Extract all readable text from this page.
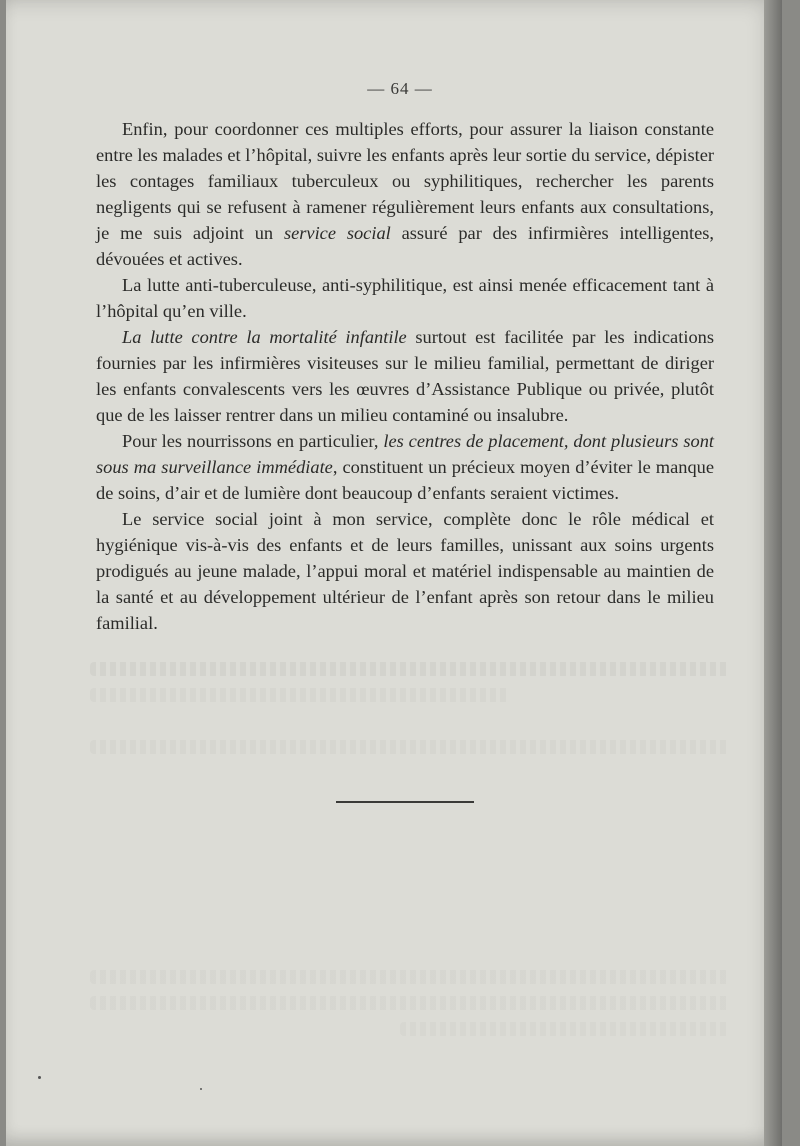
— 64 —

Enfin, pour coordonner ces multiples efforts, pour assurer la liaison constante entre les malades et l’hôpital, suivre les enfants après leur sortie du service, dépister les contages familiaux tuberculeux ou syphilitiques, rechercher les parents negligents qui se refusent à ramener régulièrement leurs enfants aux consultations, je me suis adjoint un service social assuré par des infirmières intelligentes, dévouées et actives.

La lutte anti-tuberculeuse, anti-syphilitique, est ainsi menée efficacement tant à l’hôpital qu’en ville.

La lutte contre la mortalité infantile surtout est facilitée par les indications fournies par les infirmières visiteuses sur le milieu familial, permettant de diriger les enfants convalescents vers les œuvres d’Assistance Publique ou privée, plutôt que de les laisser rentrer dans un milieu contaminé ou insalubre.

Pour les nourrissons en particulier, les centres de placement, dont plusieurs sont sous ma surveillance immédiate, constituent un précieux moyen d’éviter le manque de soins, d’air et de lumière dont beaucoup d’enfants seraient victimes.

Le service social joint à mon service, complète donc le rôle médical et hygiénique vis-à-vis des enfants et de leurs familles, unissant aux soins urgents prodigués au jeune malade, l’appui moral et matériel indispensable au maintien de la santé et au développement ultérieur de l’enfant après son retour dans le milieu familial.
